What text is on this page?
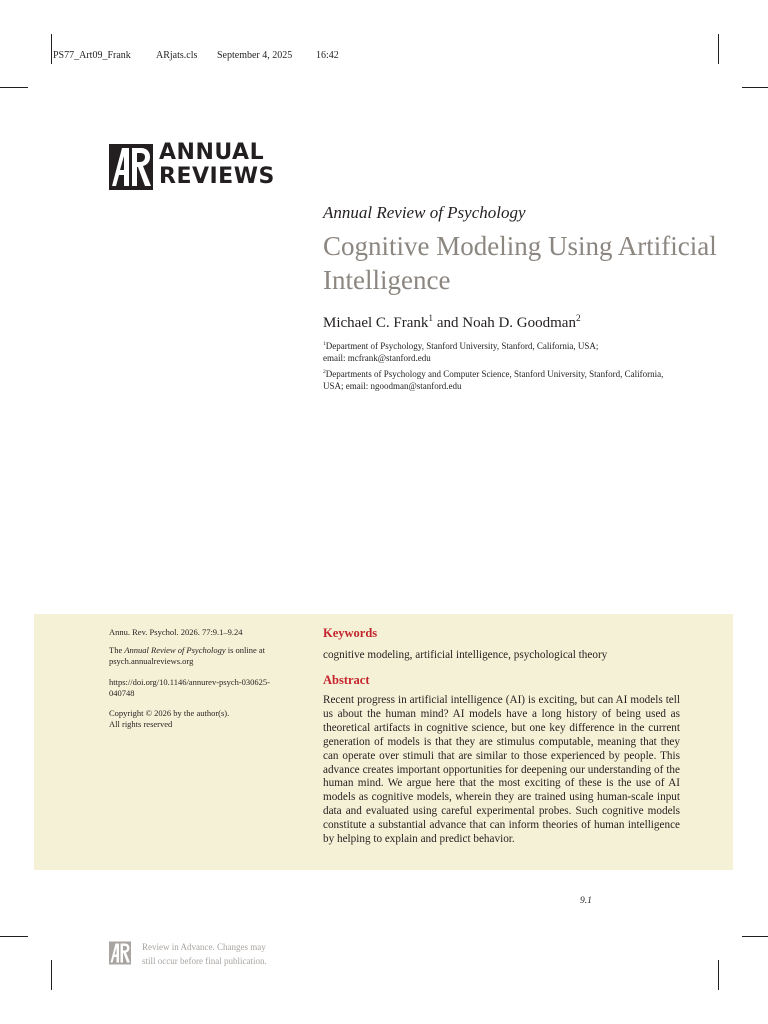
PS77_Art09_Frank	ARjats.cls September 4, 2025 16:42
ANNUAL
REVIEWS
Annual Review of Psychology
Cognitive Modeling Using Artificial Intelligence
Michael C. Frank$^1$ and Noah D. Goodman$^2$
$^1$Department of Psychology, Stanford University, Stanford, California, USA;
email: mcfrank@stanford.edu
$^2$Departments of Psychology and Computer Science, Stanford University, Stanford, California,
USA; email: ngoodman@stanford.edu

Annu. Rev. Psychol. 2026. 77:9.1–9.24

The Annual Review of Psychology is online at

psych.annualreviews.org

https://doi.org/10.1146/annurev-psych-030625-

040748

Copyright © 2026 by the author(s).

All rights reserved

Keywords
cognitive modeling, artificial intelligence, psychological theory
Abstract
Recent progress in artificial intelligence (AI) is exciting, but can AI models tell us about the human mind? AI models have a long history of being used as theoretical artifacts in cognitive science, but one key difference in the current generation of models is that they are stimulus computable, meaning that they can operate over stimuli that are similar to those experienced by people. This advance creates important opportunities for deepening our understanding of the human mind. We argue here that the most exciting of these is the use of AI models as cognitive models, wherein they are trained using human-scale input data and evaluated using careful experimental probes. Such cognitive models constitute a substantial advance that can inform theories of human intelligence by helping to explain and predict behavior.
9.1
Review in Advance. Changes may
still occur before final publication.
